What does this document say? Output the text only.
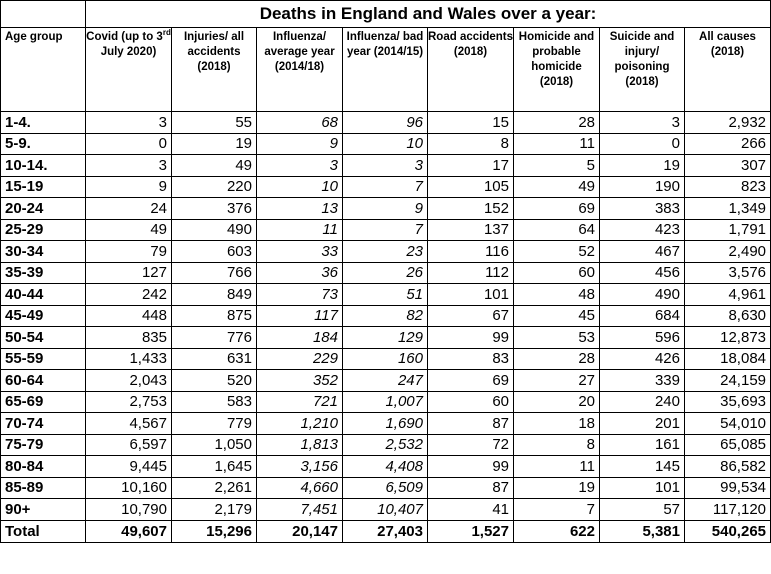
	Deaths in England and Wales over a year:							
Age group	Covid (up to 3rd July 2020)	Injuries/ all accidents (2018)	Influenza/ average year (2014/18)	Influenza/ bad year (2014/15)	Road accidents (2018)	Homicide and probable homicide (2018)	Suicide and injury/ poisoning (2018)	All causes (2018)
1-4.	3	55	68	96	15	28	3	2,932
5-9.	0	19	9	10	8	11	0	266
10-14.	3	49	3	3	17	5	19	307
15-19	9	220	10	7	105	49	190	823
20-24	24	376	13	9	152	69	383	1,349
25-29	49	490	11	7	137	64	423	1,791
30-34	79	603	33	23	116	52	467	2,490
35-39	127	766	36	26	112	60	456	3,576
40-44	242	849	73	51	101	48	490	4,961
45-49	448	875	117	82	67	45	684	8,630
50-54	835	776	184	129	99	53	596	12,873
55-59	1,433	631	229	160	83	28	426	18,084
60-64	2,043	520	352	247	69	27	339	24,159
65-69	2,753	583	721	1,007	60	20	240	35,693
70-74	4,567	779	1,210	1,690	87	18	201	54,010
75-79	6,597	1,050	1,813	2,532	72	8	161	65,085
80-84	9,445	1,645	3,156	4,408	99	11	145	86,582
85-89	10,160	2,261	4,660	6,509	87	19	101	99,534
90+	10,790	2,179	7,451	10,407	41	7	57	117,120
Total	49,607	15,296	20,147	27,403	1,527	622	5,381	540,265
